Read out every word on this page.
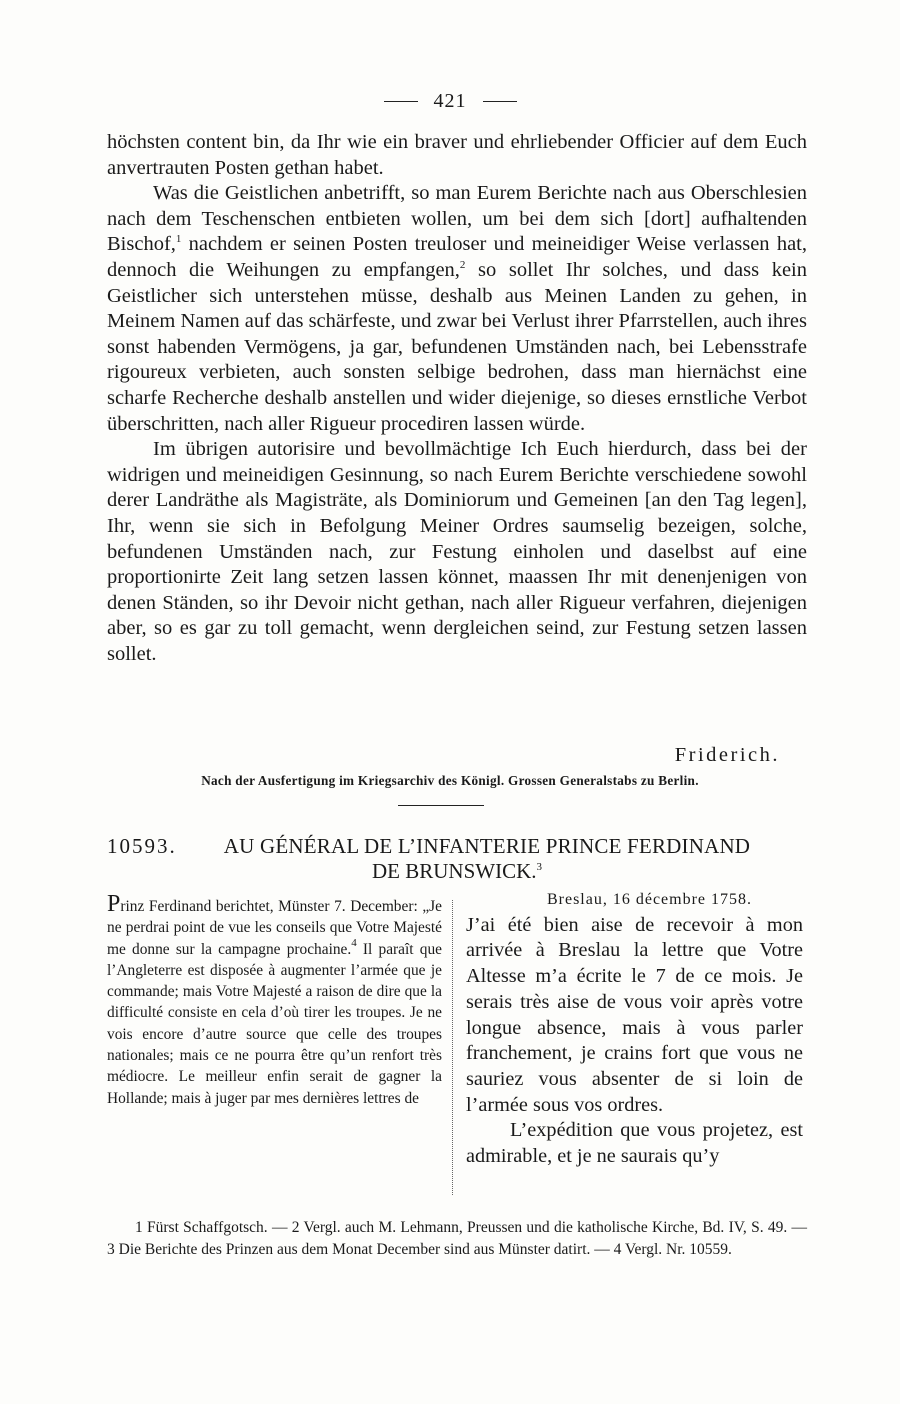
421

höchsten content bin, da Ihr wie ein braver und ehrliebender Officier auf dem Euch anvertrauten Posten gethan habet.

Was die Geistlichen anbetrifft, so man Eurem Berichte nach aus Oberschlesien nach dem Teschenschen entbieten wollen, um bei dem sich [dort] aufhaltenden Bischof,$^1$ nachdem er seinen Posten treuloser und meineidiger Weise verlassen hat, dennoch die Weihungen zu empfangen,$^2$ so sollet Ihr solches, und dass kein Geistlicher sich unterstehen müsse, deshalb aus Meinen Landen zu gehen, in Meinem Namen auf das schärfeste, und zwar bei Verlust ihrer Pfarrstellen, auch ihres sonst habenden Vermögens, ja gar, befundenen Umständen nach, bei Lebensstrafe rigoureux verbieten, auch sonsten selbige bedrohen, dass man hiernächst eine scharfe Recherche deshalb anstellen und wider diejenige, so dieses ernstliche Verbot überschritten, nach aller Rigueur procediren lassen würde.

Im übrigen autorisire und bevollmächtige Ich Euch hierdurch, dass bei der widrigen und meineidigen Gesinnung, so nach Eurem Berichte verschiedene sowohl derer Landräthe als Magisträte, als Dominiorum und Gemeinen [an den Tag legen], Ihr, wenn sie sich in Befolgung Meiner Ordres saumselig bezeigen, solche, befundenen Umständen nach, zur Festung einholen und daselbst auf eine proportionirte Zeit lang setzen lassen könnet, maassen Ihr mit denenjenigen von denen Ständen, so ihr Devoir nicht gethan, nach aller Rigueur verfahren, diejenigen aber, so es gar zu toll gemacht, wenn dergleichen seind, zur Festung setzen lassen sollet.

Friderich.
Nach der Ausfertigung im Kriegsarchiv des Königl. Grossen Generalstabs zu Berlin.
10593.	AU GÉNÉRAL DE L’INFANTERIE PRINCE FERDINAND
DE BRUNSWICK.$^3$

Prinz Ferdinand berichtet, Münster 7. December: „Je ne perdrai point de vue les conseils que Votre Majesté me donne sur la campagne prochaine.$^4$ Il paraît que l’Angleterre est disposée à augmenter l’armée que je commande; mais Votre Majesté a raison de dire que la difficulté consiste en cela d’où tirer les troupes. Je ne vois encore d’autre source que celle des troupes nationales; mais ce ne pourra être qu’un renfort très médiocre. Le meilleur enfin serait de gagner la Hollande; mais à juger par mes dernières lettres de

Breslau, 16 décembre 1758.

J’ai été bien aise de recevoir à mon arrivée à Breslau la lettre que Votre Altesse m’a écrite le 7 de ce mois. Je serais très aise de vous voir après votre longue absence, mais à vous parler franchement, je crains fort que vous ne sauriez vous absenter de si loin de l’armée sous vos ordres.

L’expédition que vous projetez, est admirable, et je ne saurais qu’y

1 Fürst Schaffgotsch. — 2 Vergl. auch M. Lehmann, Preussen und die katholische Kirche, Bd. IV, S. 49. — 3 Die Berichte des Prinzen aus dem Monat December sind aus Münster datirt. — 4 Vergl. Nr. 10559.
